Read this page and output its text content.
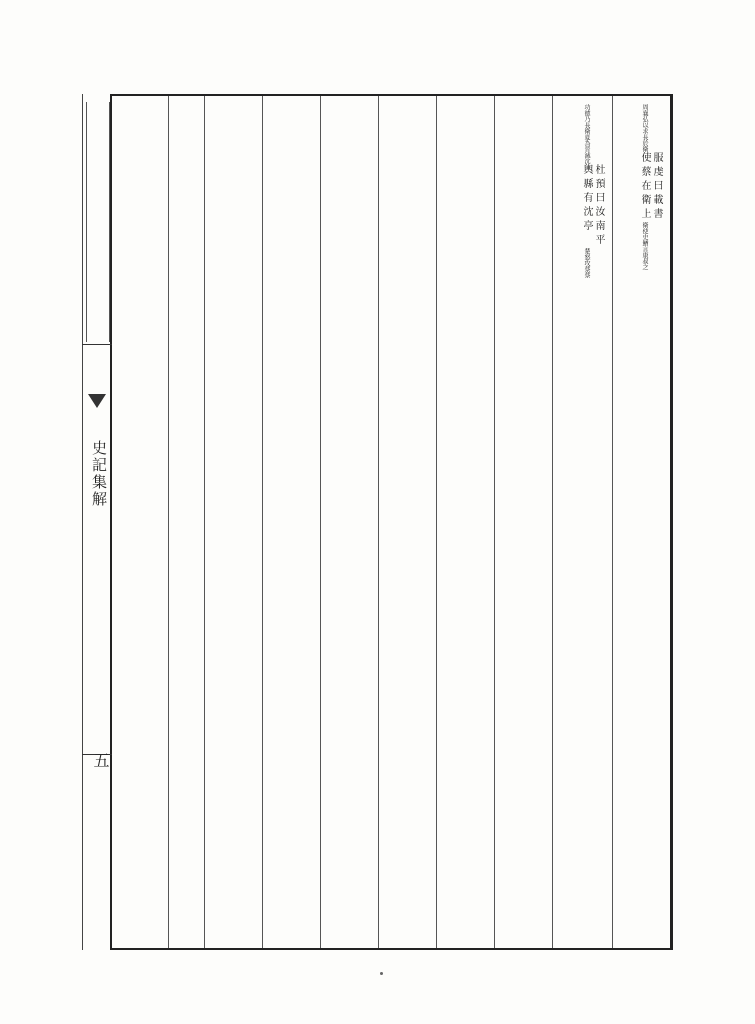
史記集解
五
周襄弘以求長於衛
服虔曰載書
使蔡在衛上
衛使史鰌言康叔之
功徳乃長衛夏為晉滅沈
杜預曰汝南平
輿縣有沈亭
楚怒攻蔡蔡
